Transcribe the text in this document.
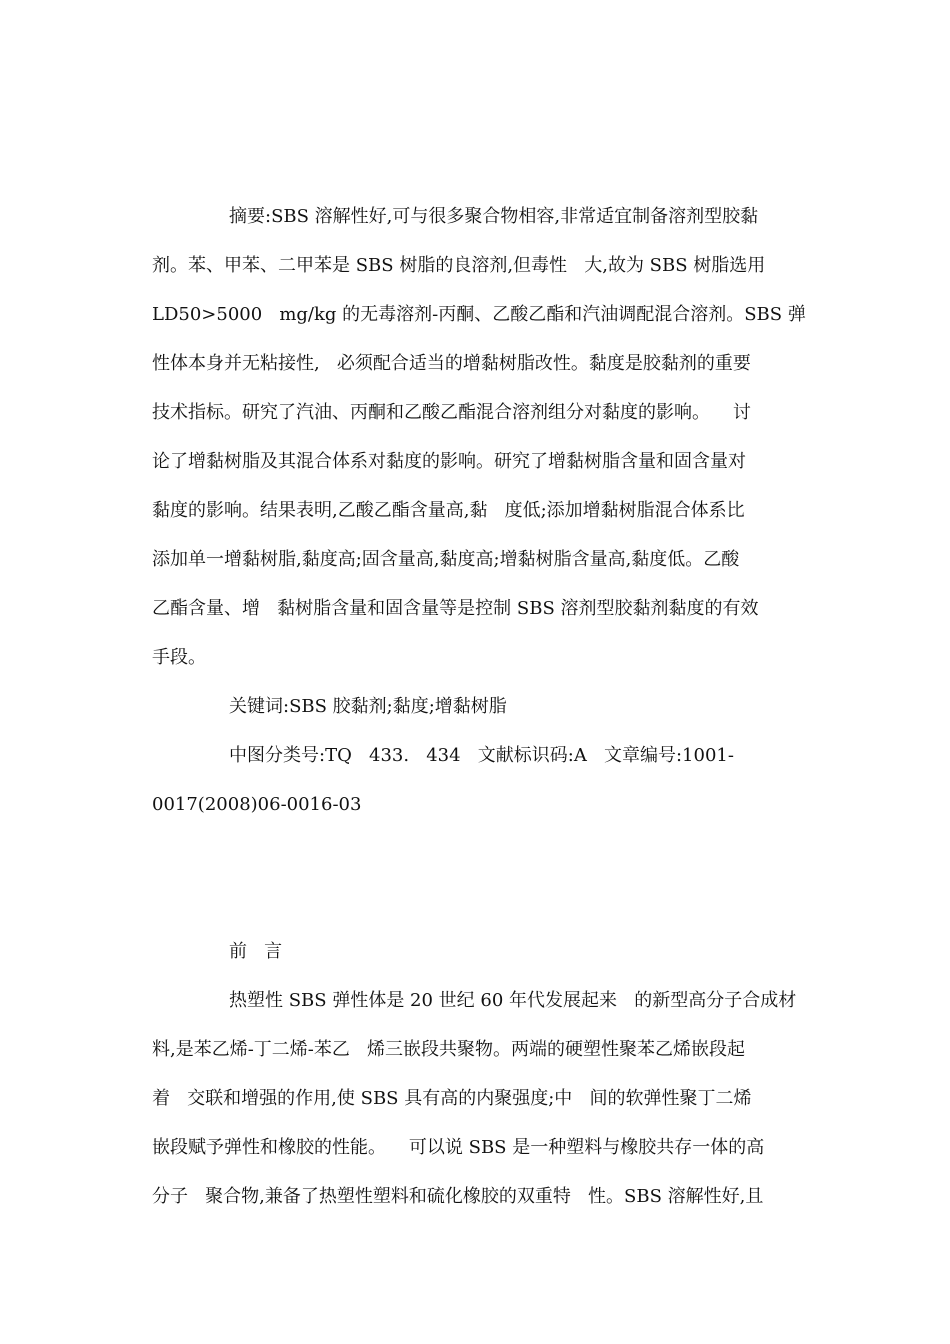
摘要:SBS 溶解性好,可与很多聚合物相容,非常适宜制备溶剂型胶黏
剂。苯、甲苯、二甲苯是 SBS 树脂的良溶剂,但毒性   大,故为 SBS 树脂选用
LD50>5000   mg/kg 的无毒溶剂-丙酮、乙酸乙酯和汽油调配混合溶剂。SBS 弹
性体本身并无粘接性,   必须配合适当的增黏树脂改性。黏度是胶黏剂的重要
技术指标。研究了汽油、丙酮和乙酸乙酯混合溶剂组分对黏度的影响。    讨
论了增黏树脂及其混合体系对黏度的影响。研究了增黏树脂含量和固含量对
黏度的影响。结果表明,乙酸乙酯含量高,黏   度低;添加增黏树脂混合体系比
添加单一增黏树脂,黏度高;固含量高,黏度高;增黏树脂含量高,黏度低。乙酸
乙酯含量、增   黏树脂含量和固含量等是控制 SBS 溶剂型胶黏剂黏度的有效
手段。
关键词:SBS 胶黏剂;黏度;增黏树脂
中图分类号:TQ   433.   434   文献标识码:A   文章编号:1001-
0017(2008)06-0016-03

前   言

热塑性 SBS 弹性体是 20 世纪 60 年代发展起来   的新型高分子合成材
料,是苯乙烯-丁二烯-苯乙   烯三嵌段共聚物。两端的硬塑性聚苯乙烯嵌段起
着   交联和增强的作用,使 SBS 具有高的内聚强度;中   间的软弹性聚丁二烯
嵌段赋予弹性和橡胶的性能。    可以说 SBS 是一种塑料与橡胶共存一体的高
分子   聚合物,兼备了热塑性塑料和硫化橡胶的双重特   性。SBS 溶解性好,且
